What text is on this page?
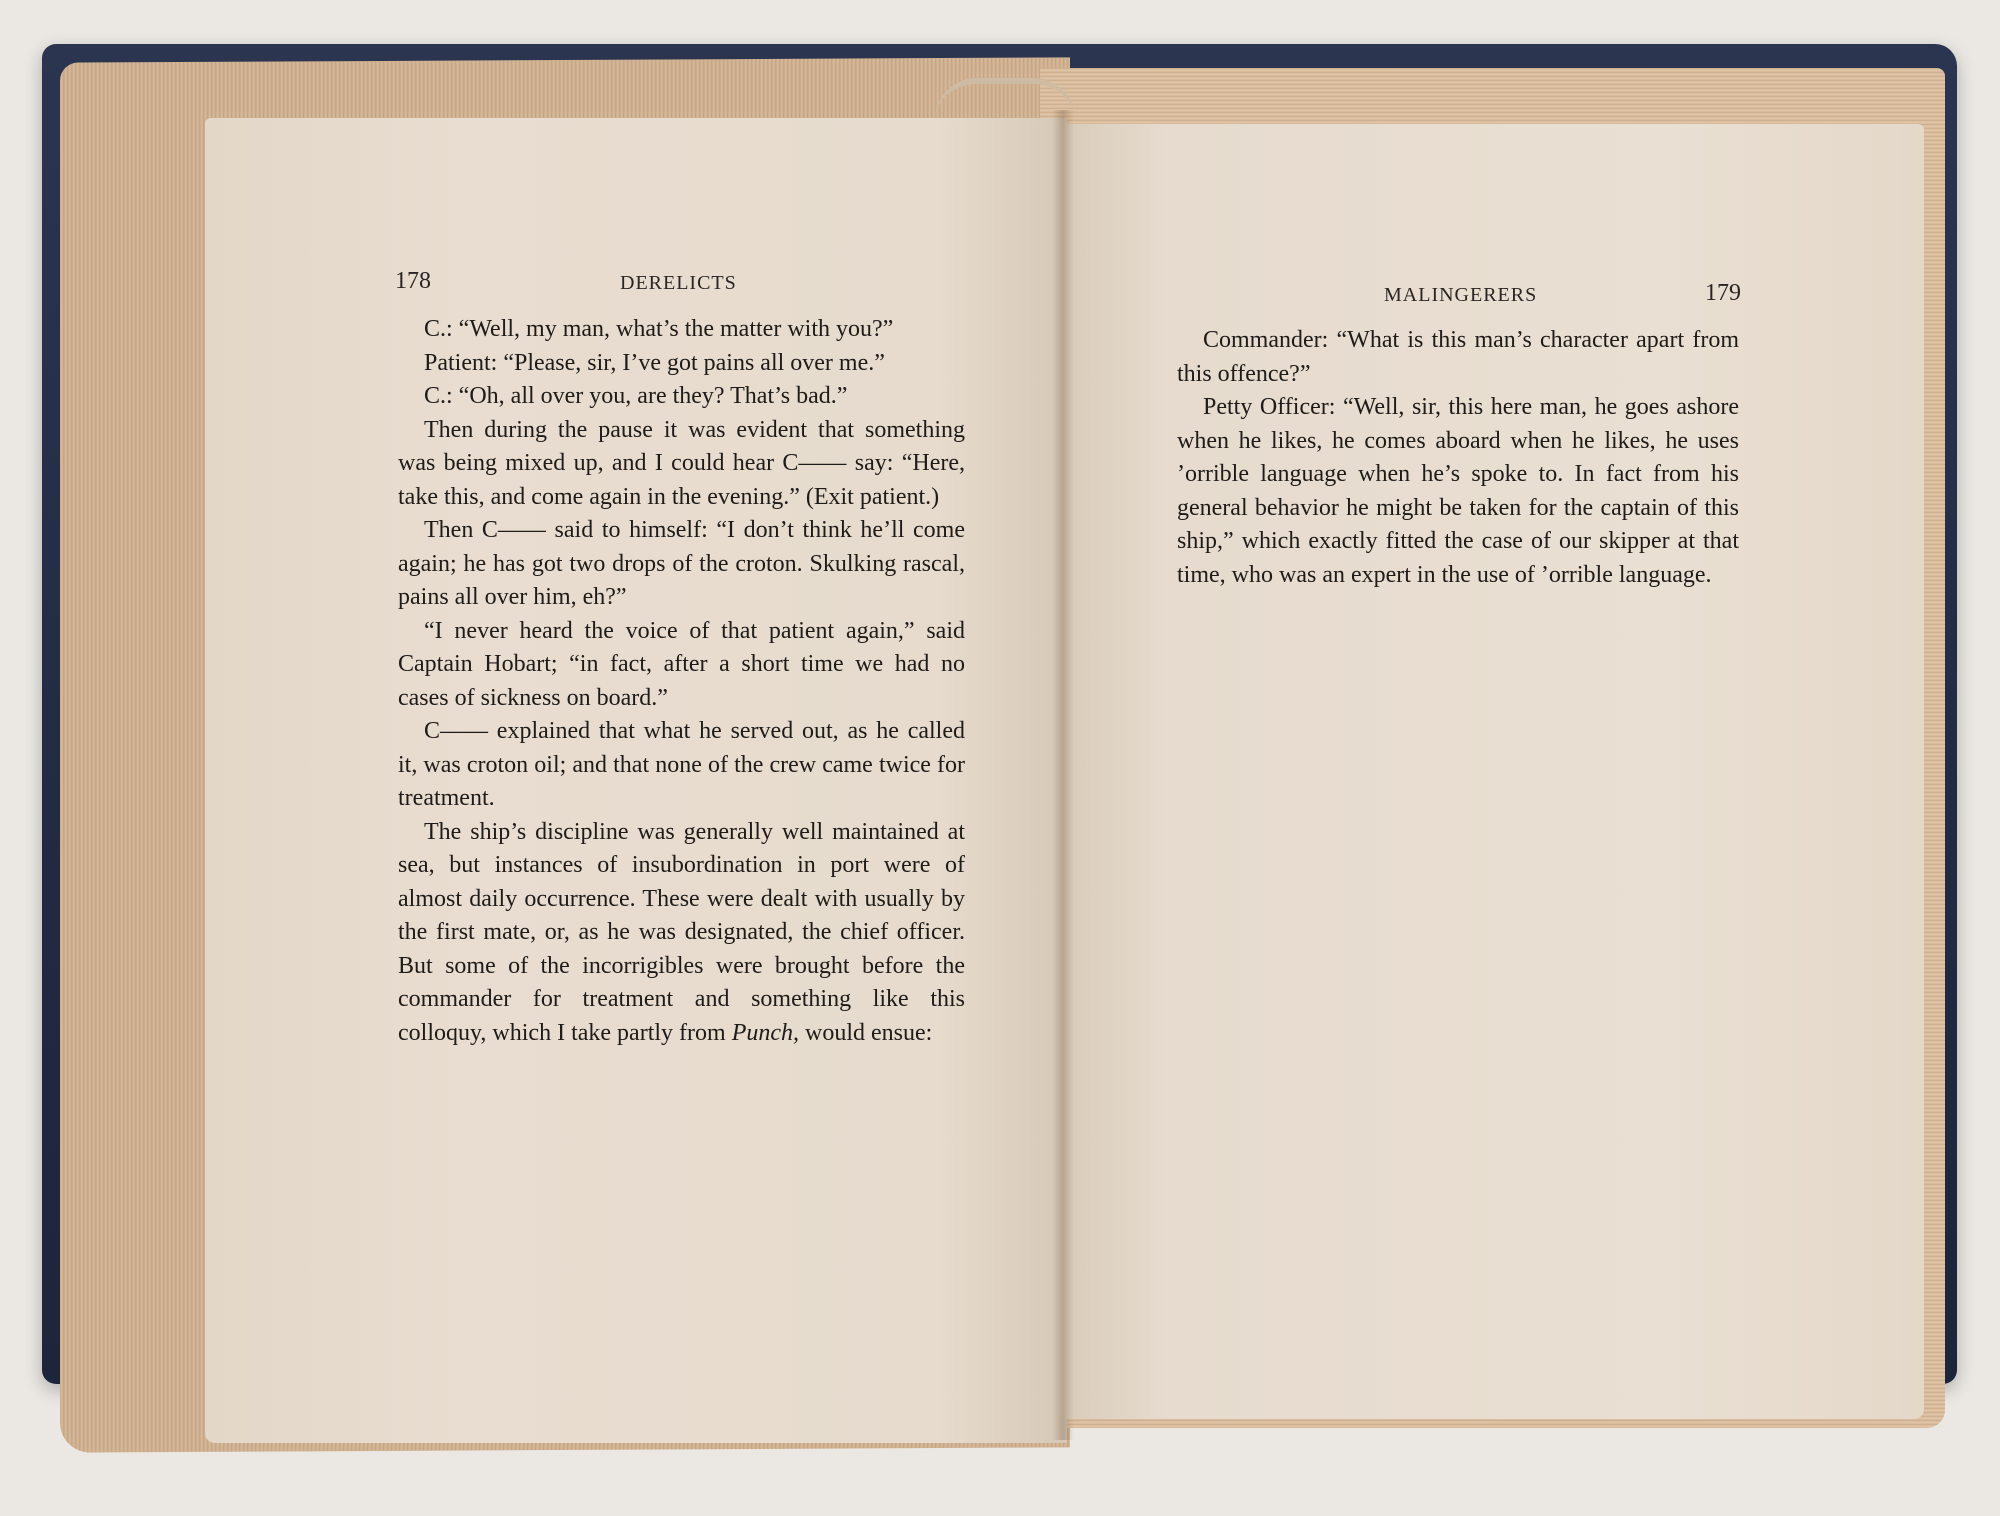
178	DERELICTS

C.: “Well, my man, what’s the matter with you?”

Patient: “Please, sir, I’ve got pains all over me.”

C.: “Oh, all over you, are they? That’s bad.”

Then during the pause it was evident that something was being mixed up, and I could hear C—— say: “Here, take this, and come again in the evening.” (Exit patient.)

Then C—— said to himself: “I don’t think he’ll come again; he has got two drops of the croton. Skulking rascal, pains all over him, eh?”

“I never heard the voice of that patient again,” said Captain Hobart; “in fact, after a short time we had no cases of sickness on board.”

C—— explained that what he served out, as he called it, was croton oil; and that none of the crew came twice for treatment.

The ship’s discipline was generally well maintained at sea, but instances of insubordination in port were of almost daily occurrence. These were dealt with usually by the first mate, or, as he was designated, the chief officer. But some of the incorrigibles were brought before the commander for treatment and something like this colloquy, which I take partly from Punch, would ensue:

MALINGERERS	179

Commander: “What is this man’s character apart from this offence?”

Petty Officer: “Well, sir, this here man, he goes ashore when he likes, he comes aboard when he likes, he uses ’orrible language when he’s spoke to. In fact from his general behavior he might be taken for the captain of this ship,” which exactly fitted the case of our skipper at that time, who was an expert in the use of ’orrible language.
